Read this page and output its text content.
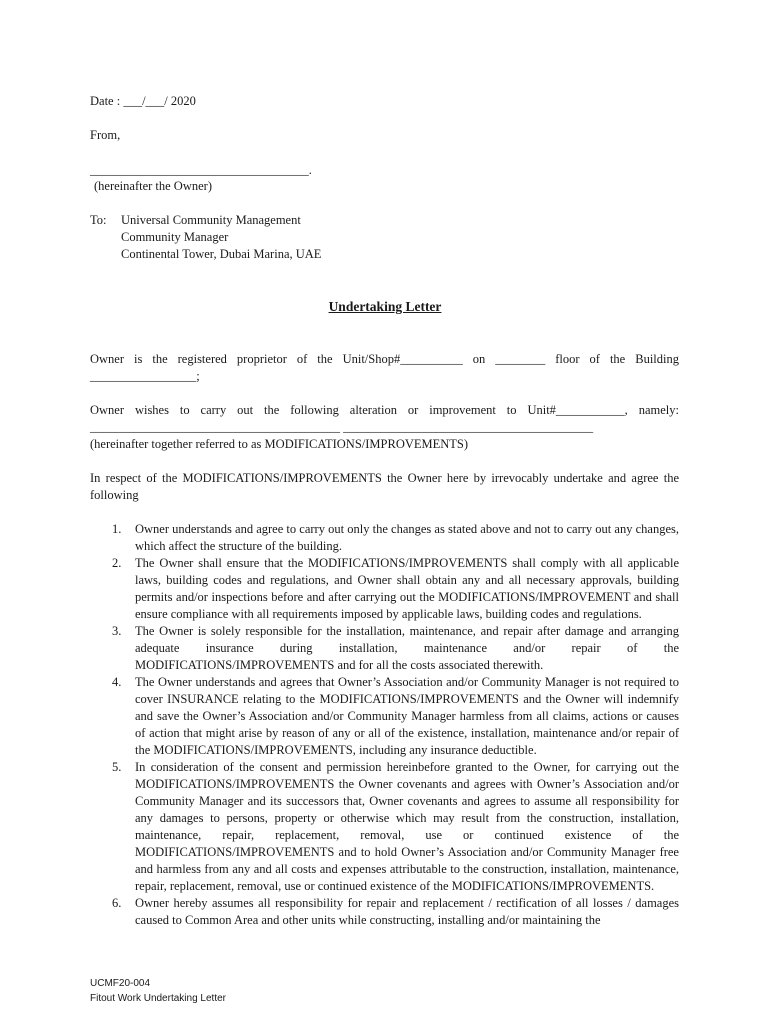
Date : ___/___/ 2020
From,
___________________________________.
(hereinafter the Owner)
To: Universal Community Management
Community Manager
Continental Tower, Dubai Marina, UAE
Undertaking Letter
Owner is the registered proprietor of the Unit/Shop#__________ on ________ floor of the Building
_________________;
Owner wishes to carry out the following alteration or improvement to Unit#___________, namely:
________________________________________ ________________________________________
(hereinafter together referred to as MODIFICATIONS/IMPROVEMENTS)
In respect of the MODIFICATIONS/IMPROVEMENTS the Owner here by irrevocably undertake and agree the
following
1. Owner understands and agree to carry out only the changes as stated above and not to carry out any changes, which affect the structure of the building.
2. The Owner shall ensure that the MODIFICATIONS/IMPROVEMENTS shall comply with all applicable laws, building codes and regulations, and Owner shall obtain any and all necessary approvals, building permits and/or inspections before and after carrying out the MODIFICATIONS/IMPROVEMENT and shall ensure compliance with all requirements imposed by applicable laws, building codes and regulations.
3. The Owner is solely responsible for the installation, maintenance, and repair after damage and arranging adequate insurance during installation, maintenance and/or repair of the MODIFICATIONS/IMPROVEMENTS and for all the costs associated therewith.
4. The Owner understands and agrees that Owner’s Association and/or Community Manager is not required to cover INSURANCE relating to the MODIFICATIONS/IMPROVEMENTS and the Owner will indemnify and save the Owner’s Association and/or Community Manager harmless from all claims, actions or causes of action that might arise by reason of any or all of the existence, installation, maintenance and/or repair of the MODIFICATIONS/IMPROVEMENTS, including any insurance deductible.
5. In consideration of the consent and permission hereinbefore granted to the Owner, for carrying out the MODIFICATIONS/IMPROVEMENTS the Owner covenants and agrees with Owner’s Association and/or Community Manager and its successors that, Owner covenants and agrees to assume all responsibility for any damages to persons, property or otherwise which may result from the construction, installation, maintenance, repair, replacement, removal, use or continued existence of the MODIFICATIONS/IMPROVEMENTS and to hold Owner’s Association and/or Community Manager free and harmless from any and all costs and expenses attributable to the construction, installation, maintenance, repair, replacement, removal, use or continued existence of the MODIFICATIONS/IMPROVEMENTS.
6. Owner hereby assumes all responsibility for repair and replacement / rectification of all losses / damages caused to Common Area and other units while constructing, installing and/or maintaining the
UCMF20-004
Fitout Work Undertaking Letter
